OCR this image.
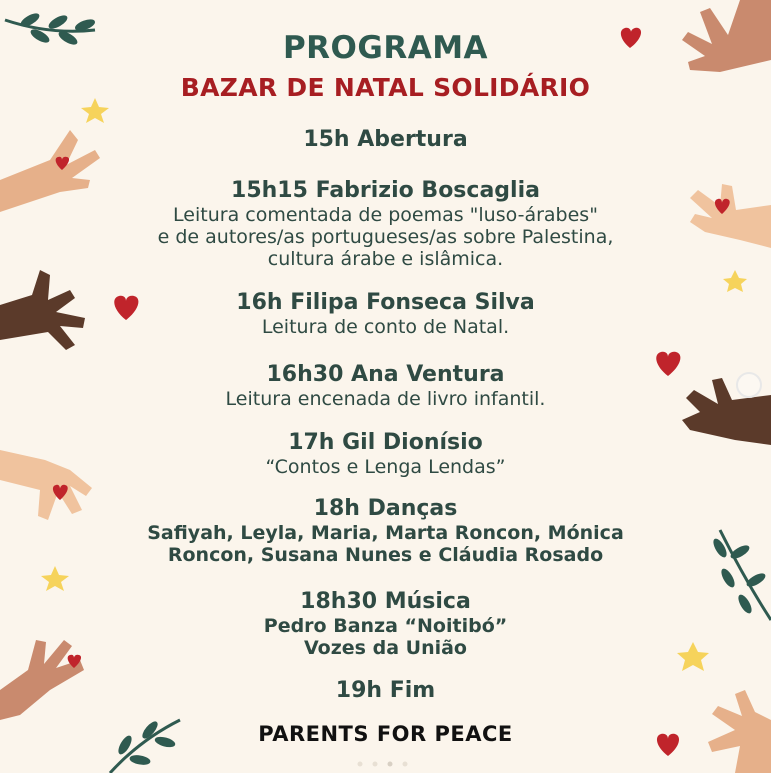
PROGRAMA
BAZAR DE NATAL SOLIDÁRIO
15h Abertura
15h15 Fabrizio Boscaglia
Leitura comentada de poemas "luso-árabes"
e de autores/as portugueses/as sobre Palestina,
cultura árabe e islâmica.
16h Filipa Fonseca Silva
Leitura de conto de Natal.
16h30 Ana Ventura
Leitura encenada de livro infantil.
17h Gil Dionísio
“Contos e Lenga Lendas”
18h Danças
Safiyah, Leyla, Maria, Marta Roncon, Mónica
Roncon, Susana Nunes e Cláudia Rosado
18h30 Música
Pedro Banza “Noitibó”
Vozes da União
19h Fim
PARENTS FOR PEACE
